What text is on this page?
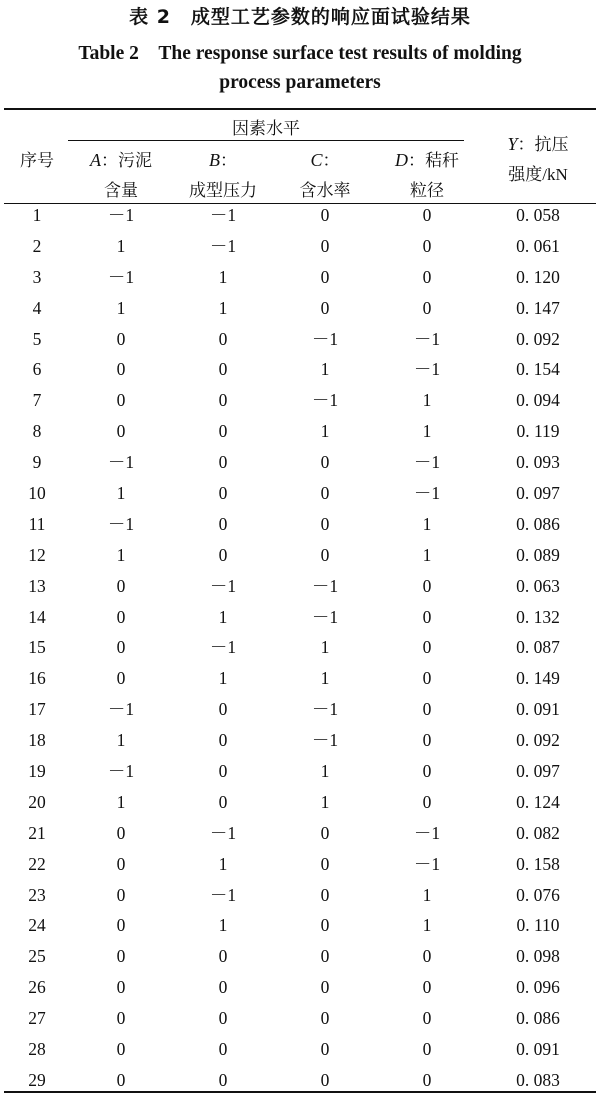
表 2　成型工艺参数的响应面试验结果
Table 2　The response surface test results of molding
process parameters
序号
因素水平
A：污泥
含量
B：
成型压力
C：
含水率
D：秸秆
粒径
Y：抗压
强度/kN
1	－1	－1	0	0	0. 058
2	1	－1	0	0	0. 061
3	－1	1	0	0	0. 120
4	1	1	0	0	0. 147
5	0	0	－1	－1	0. 092
6	0	0	1	－1	0. 154
7	0	0	－1	1	0. 094
8	0	0	1	1	0. 119
9	－1	0	0	－1	0. 093
10	1	0	0	－1	0. 097
11	－1	0	0	1	0. 086
12	1	0	0	1	0. 089
13	0	－1	－1	0	0. 063
14	0	1	－1	0	0. 132
15	0	－1	1	0	0. 087
16	0	1	1	0	0. 149
17	－1	0	－1	0	0. 091
18	1	0	－1	0	0. 092
19	－1	0	1	0	0. 097
20	1	0	1	0	0. 124
21	0	－1	0	－1	0. 082
22	0	1	0	－1	0. 158
23	0	－1	0	1	0. 076
24	0	1	0	1	0. 110
25	0	0	0	0	0. 098
26	0	0	0	0	0. 096
27	0	0	0	0	0. 086
28	0	0	0	0	0. 091
29	0	0	0	0	0. 083
